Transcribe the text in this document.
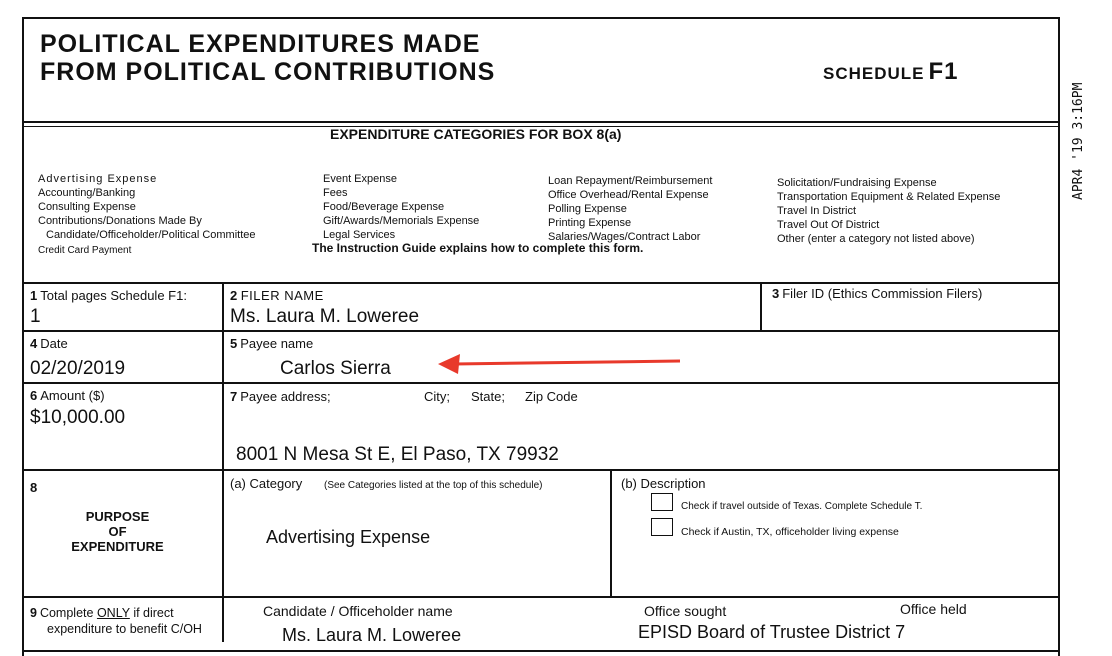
POLITICAL EXPENDITURES MADE
FROM POLITICAL CONTRIBUTIONS	SCHEDULE F1
EXPENDITURE CATEGORIES FOR BOX 8(a)
Advertising Expense
Accounting/Banking
Consulting Expense
Contributions/Donations Made By
Candidate/Officeholder/Political Committee
Credit Card Payment
Event Expense
Fees
Food/Beverage Expense
Gift/Awards/Memorials Expense
Legal Services
Loan Repayment/Reimbursement
Office Overhead/Rental Expense
Polling Expense
Printing Expense
Salaries/Wages/Contract Labor
Solicitation/Fundraising Expense
Transportation Equipment & Related Expense
Travel In District
Travel Out Of District
Other (enter a category not listed above)
The Instruction Guide explains how to complete this form.
1 Total pages Schedule F1:
1
2 FILER NAME
Ms. Laura M. Loweree
3 Filer ID (Ethics Commission Filers)
4 Date
02/20/2019
5 Payee name
Carlos Sierra
6 Amount ($)
$10,000.00
7 Payee address;	City; State; Zip Code
8001 N Mesa St E, El Paso, TX 79932
8
PURPOSE
OF
EXPENDITURE
(a) Category (See Categories listed at the top of this schedule)
Advertising Expense
(b) Description
Check if travel outside of Texas. Complete Schedule T.
Check if Austin, TX, officeholder living expense
9 Complete ONLY if direct
expenditure to benefit C/OH
Candidate / Officeholder name
Ms. Laura M. Loweree
Office sought	Office held
EPISD Board of Trustee District 7
APR4 '19 3:16PM
